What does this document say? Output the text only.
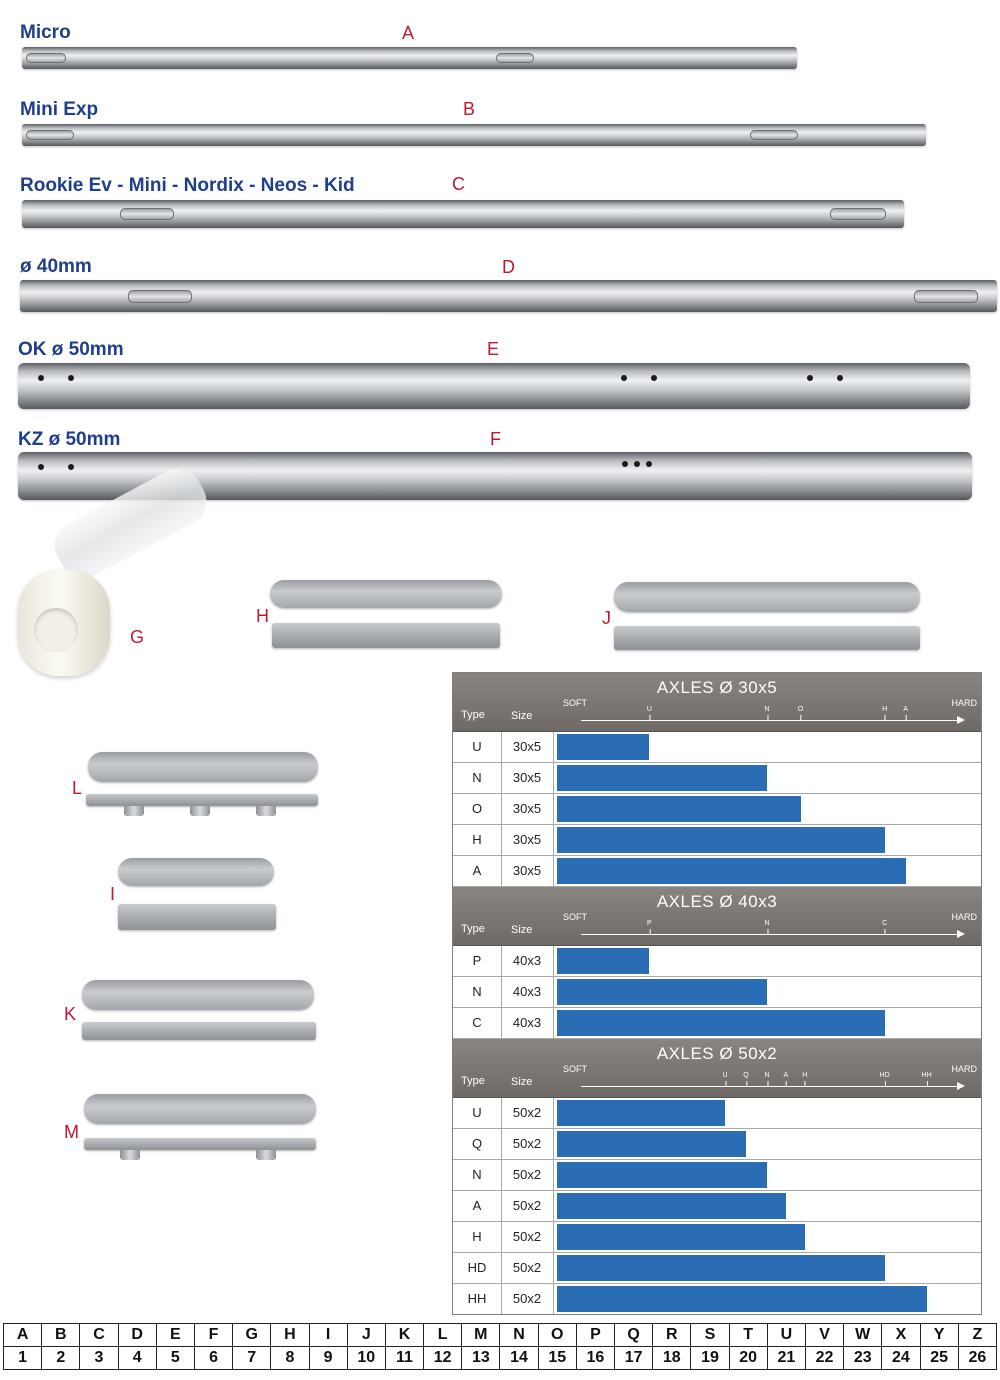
Micro	A
Mini Exp	B
Rookie Ev - Mini - Nordix - Neos - Kid	C
ø 40mm	D
OK ø 50mm	E
KZ ø 50mm	F
G
H	J
L
I
K
M
AXLES Ø 30x5
Type Size
SOFT	HARD
U	N	O	H A
U	30x5
N	30x5
O	30x5
H	30x5
A	30x5
AXLES Ø 40x3
Type Size
SOFT	HARD
P	N	C
P	40x3
N	40x3
C	40x3
AXLES Ø 50x2
Type Size
SOFT	HARD
U Q N A H	HD	HH
U	50x2
Q	50x2
N	50x2
A	50x2
H	50x2
HD	50x2
HH	50x2
A	B	C	D	E	F	G	H	I	J	K	L	M	N	O	P	Q	R	S	T	U	V	W	X	Y	Z
1	2	3	4	5	6	7	8	9	10	11	12	13	14	15	16	17	18	19	20	21	22	23	24	25	26
